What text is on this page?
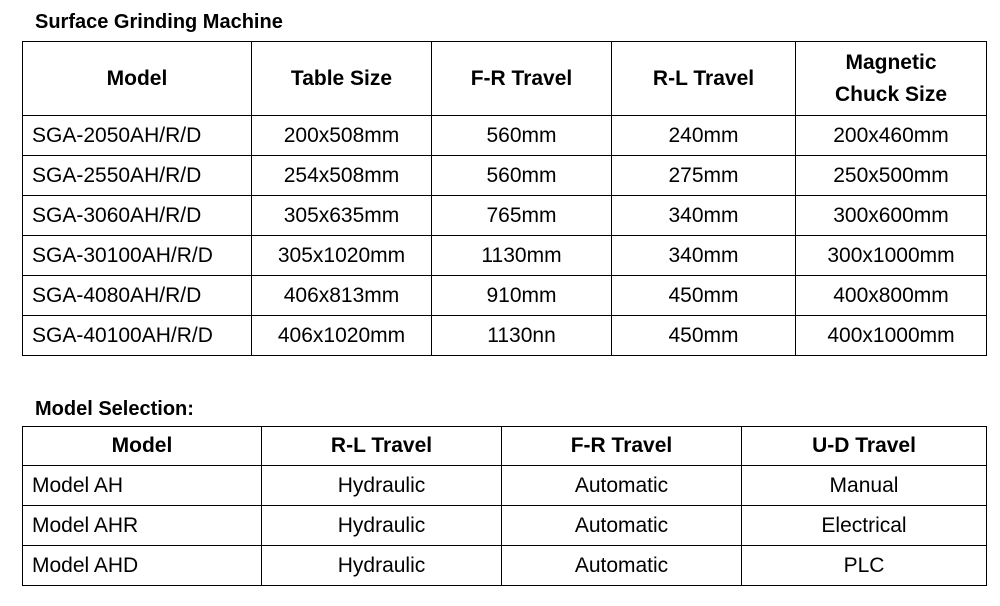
Surface Grinding Machine
Model	Table Size	F-R Travel	R-L Travel	Magnetic
Chuck Size
SGA-2050AH/R/D	200x508mm	560mm	240mm	200x460mm
SGA-2550AH/R/D	254x508mm	560mm	275mm	250x500mm
SGA-3060AH/R/D	305x635mm	765mm	340mm	300x600mm
SGA-30100AH/R/D	305x1020mm	1130mm	340mm	300x1000mm
SGA-4080AH/R/D	406x813mm	910mm	450mm	400x800mm
SGA-40100AH/R/D	406x1020mm	1130nn	450mm	400x1000mm
Model Selection:
Model	R-L Travel	F-R Travel	U-D Travel
Model AH	Hydraulic	Automatic	Manual
Model AHR	Hydraulic	Automatic	Electrical
Model AHD	Hydraulic	Automatic	PLC
